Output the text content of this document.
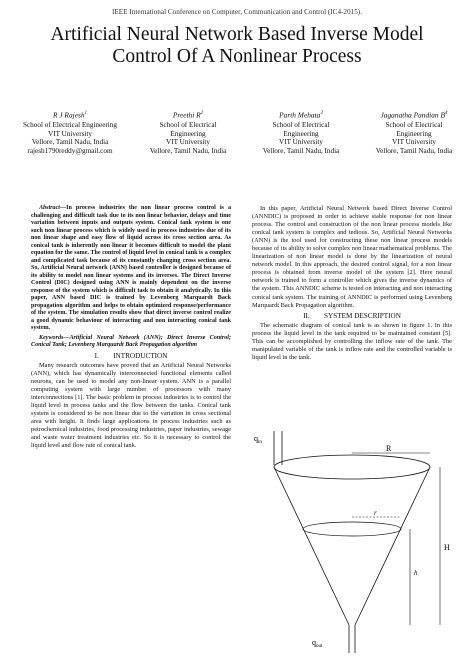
IEEE International Conference on Computer, Communication and Control (IC4-2015).
Artificial Neural Network Based Inverse Model
Control Of A Nonlinear Process
R J Rajesh$^1$
School of Electrical Engineering
VIT University
Vellore, Tamil Nadu, India
rajesh1790reddy@gmail.com
Preethi $R^2$
School of Electrical
Engineering
VIT University
Vellore, Tamil Nadu, India
Parth Mehata$^3$
School of Electrical
Engineering
VIT University
Vellore, Tamil Nadu, India
Jaganatha Pandian $B^4$
School of Electrical
Engineering
VIT University
Vellore, Tamil Nadu, India

Abstract—In process industries the non linear process control is a challenging and difficult task due to its non linear behavior, delays and time variation between inputs and outputs system. Conical tank system is one such non linear process which is widely used in process industries due of its non linear shape and easy flow of liquid across its cross section area. As conical tank is inherently non linear it becomes difficult to model the plant equation for the same. The control of liquid level in conical tank is a complex and complicated task because of its constantly changing cross section area. So, Artificial Neural network (ANN) based controller is designed because of its ability to model non linear systems and its inverses. The Direct Inverse Control (DIC) designed using ANN is mainly dependent on the inverse response of the system which is difficult task to obtain it analytically. In this paper, ANN based DIC is trained by Levenberg Marquardt Back propagation algorithm and helps to obtain optimized response/performance of the system. The simulation results show that direct inverse control realize a good dynamic behaviour of interacting and non interacting conical tank system.

Keywords—Artificial Neural Network (ANN); Direct Inverse Control; Conical Tank; Levenberg Marquardt Back Propagation algorithm

I.  INTRODUCTION

Many research outcomes have proved that an Artificial Neural Networks (ANN), which has dynamically interconnected functional elements called neurons, can be used to model any non-linear system. ANN is a parallel computing system with large number of processors with many interconnections [1]. The basic problem in process industries is to control the liquid level in process tanks and the flow between the tanks. Conical tank system is considered to be non linear due to the variation in cross sectional area with height. It finds large applications in process industries such as petrochemical industries, food processing industries, paper industries, sewage and waste water treatment industries etc. So it is necessary to control the liquid level and flow rate of conical tank.

In this paper, Artificial Neural Network based Direct Inverse Control (ANNDIC) is proposed in order to achieve stable response for non linear process. The control and construction of the non linear process models like conical tank system is complex and tedious. So, Artificial Neural Networks (ANN) is the tool used for constructing these non linear process models because of its ability to solve complex non linear mathematical problems. The linearization of non linear model is done by the linearization of neural network model. In this approach, the desired control signal, for a non linear process is obtained from inverse model of the system [2]. Here neural network is trained to form a controller which gives the inverse dynamics of the system. This ANNDIC scheme is tested on interacting and non interacting conical tank system. The training of ANNDIC is performed using Levenberg Marquardt Back Propagation algorithm.

II.  SYSTEM DESCRIPTION

The schematic diagram of conical tank is as shown in figure 1. In this process the liquid level in the tank required to be maintained constant [5]. This can be accomplished by controlling the inflow rate of the tank. The manipulated variable of the tank is inflow rate and the controlled variable is liquid level in the tank.

$q_{in}$
R
r
H
h
$q_{out}$
